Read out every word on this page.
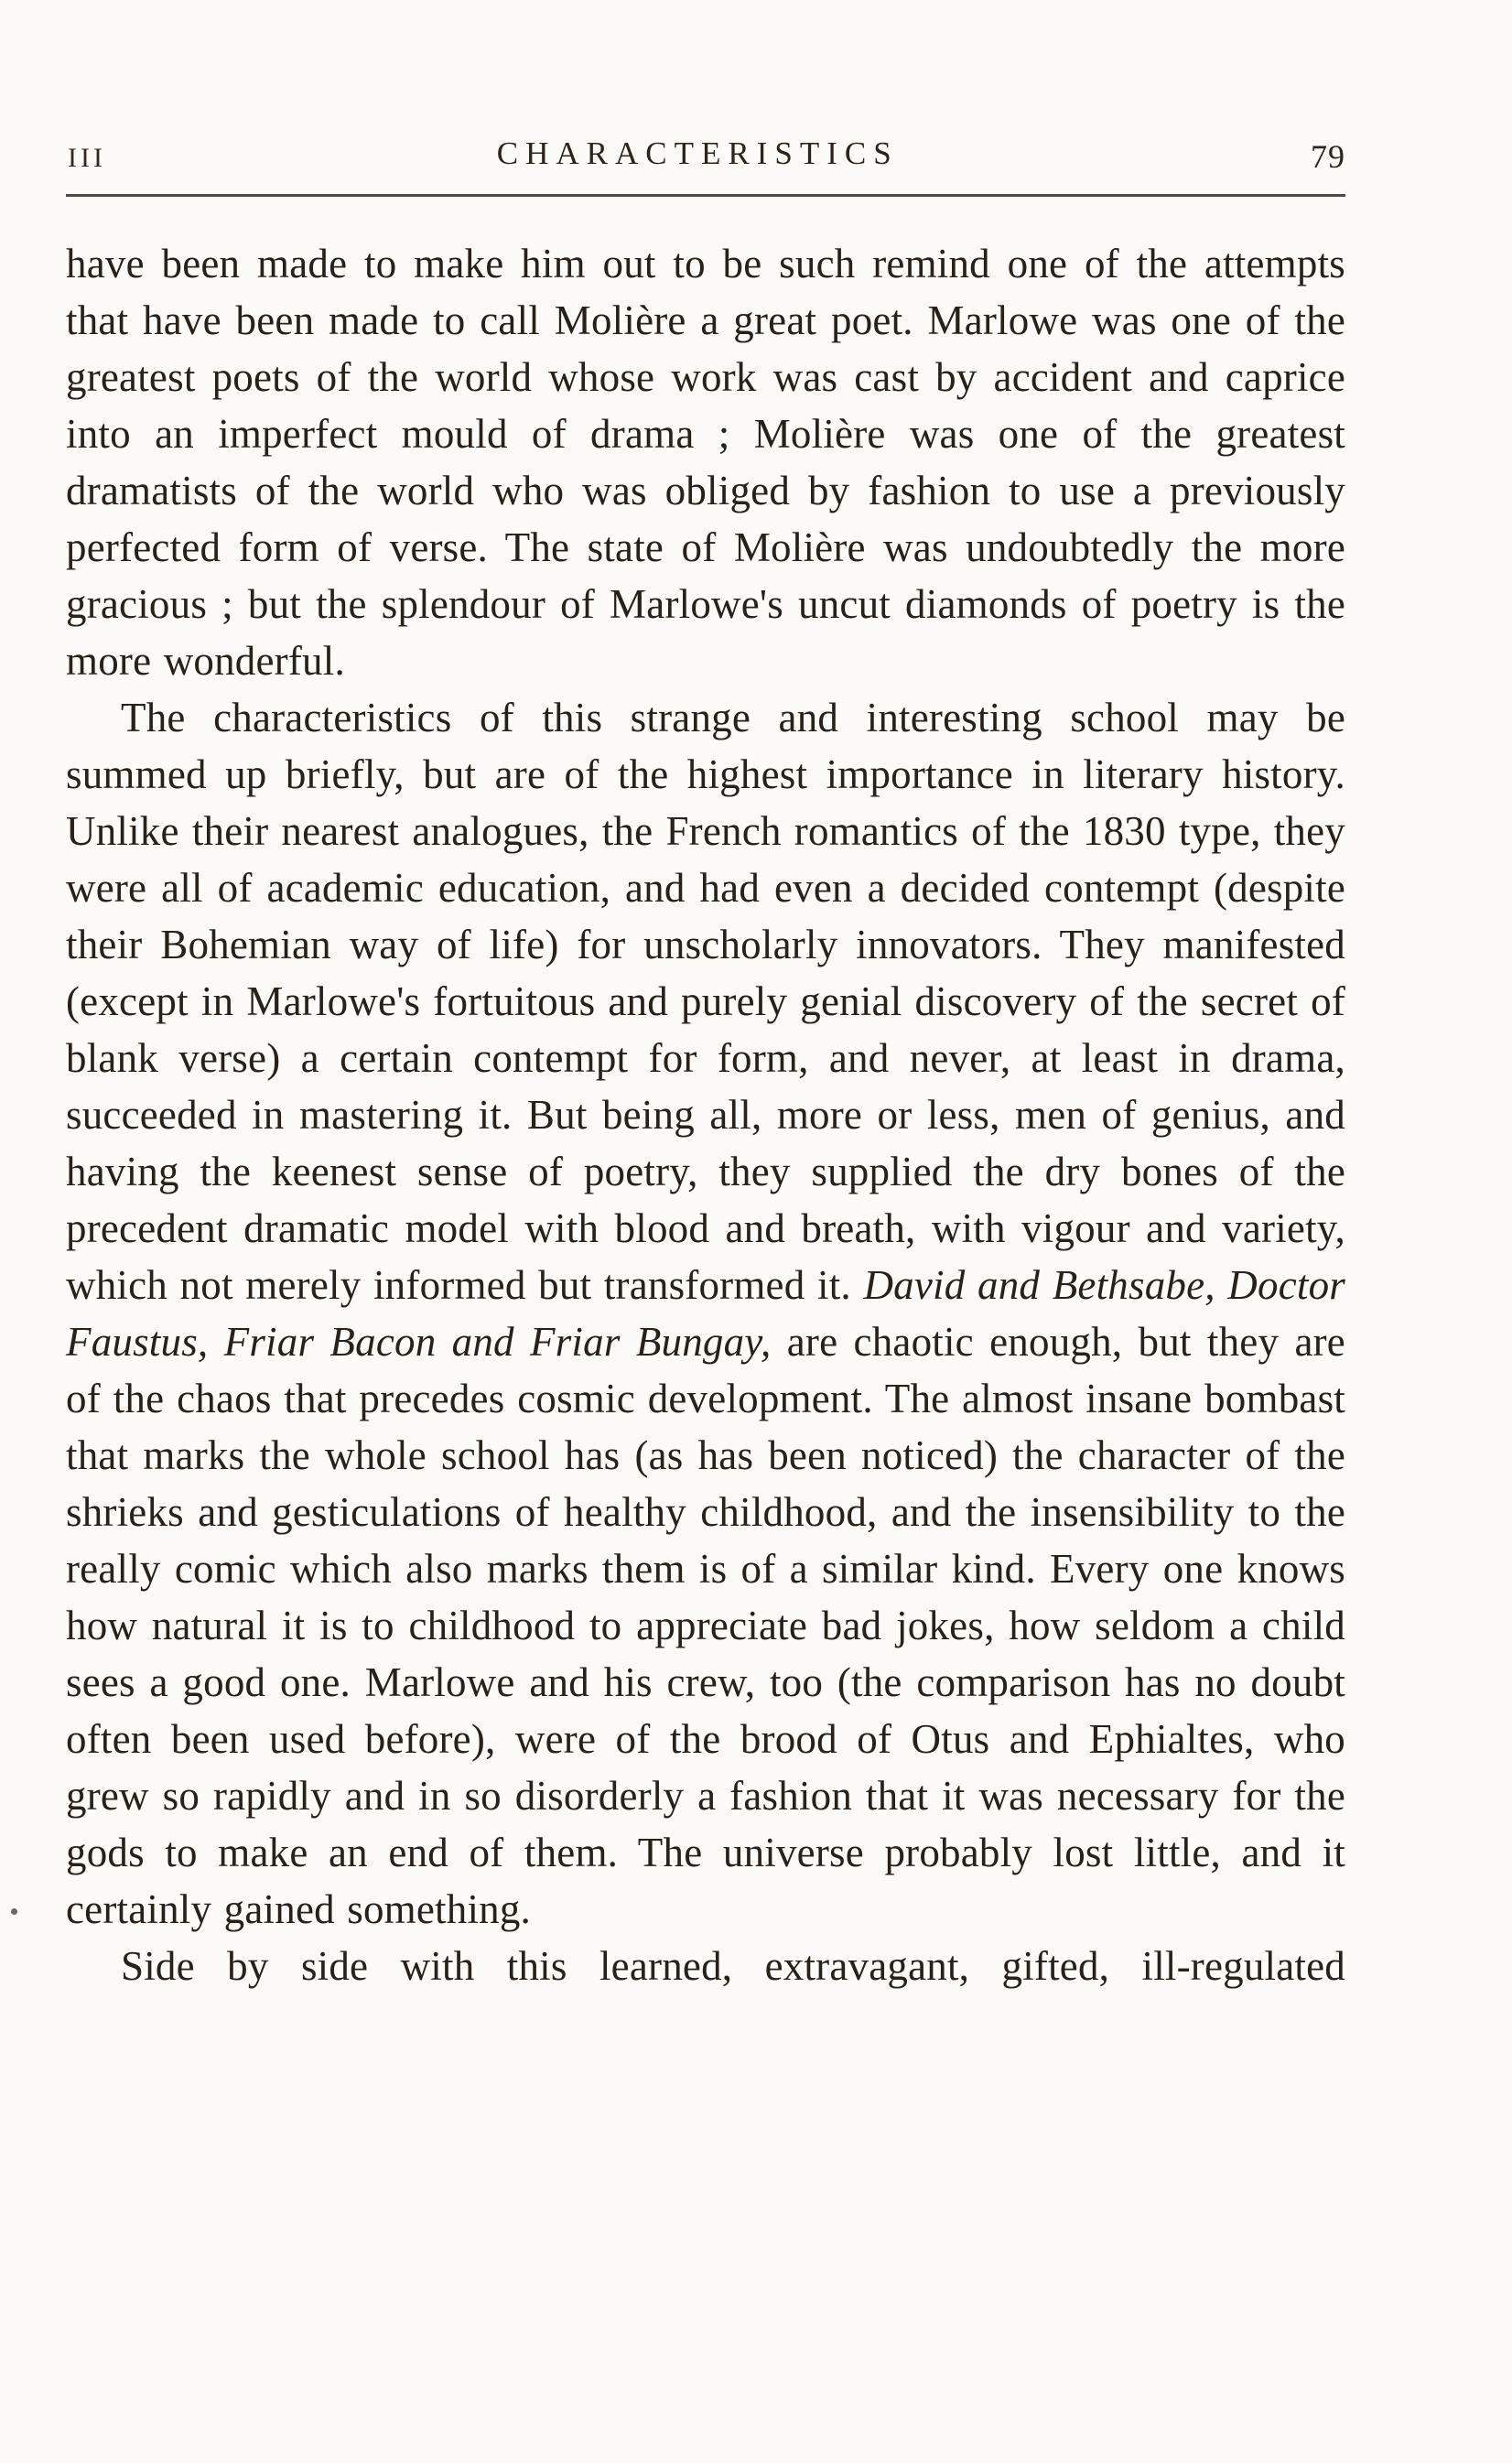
III	CHARACTERISTICS	79

have been made to make him out to be such remind one of the attempts that have been made to call Molière a great poet. Marlowe was one of the greatest poets of the world whose work was cast by accident and caprice into an imperfect mould of drama ; Molière was one of the greatest dramatists of the world who was obliged by fashion to use a previously perfected form of verse. The state of Molière was undoubtedly the more gracious ; but the splendour of Marlowe's uncut diamonds of poetry is the more wonderful.

The characteristics of this strange and interesting school may be summed up briefly, but are of the highest importance in literary history. Unlike their nearest analogues, the French romantics of the 1830 type, they were all of academic education, and had even a decided contempt (despite their Bohemian way of life) for unscholarly innovators. They manifested (except in Marlowe's fortuitous and purely genial discovery of the secret of blank verse) a certain contempt for form, and never, at least in drama, succeeded in mastering it. But being all, more or less, men of genius, and having the keenest sense of poetry, they supplied the dry bones of the precedent dramatic model with blood and breath, with vigour and variety, which not merely informed but transformed it. David and Bethsabe, Doctor Faustus, Friar Bacon and Friar Bungay, are chaotic enough, but they are of the chaos that precedes cosmic development. The almost insane bombast that marks the whole school has (as has been noticed) the character of the shrieks and gesticulations of healthy childhood, and the insensibility to the really comic which also marks them is of a similar kind. Every one knows how natural it is to childhood to appreciate bad jokes, how seldom a child sees a good one. Marlowe and his crew, too (the comparison has no doubt often been used before), were of the brood of Otus and Ephialtes, who grew so rapidly and in so disorderly a fashion that it was necessary for the gods to make an end of them. The universe probably lost little, and it certainly gained something.

Side by side with this learned, extravagant, gifted, ill-regulated
